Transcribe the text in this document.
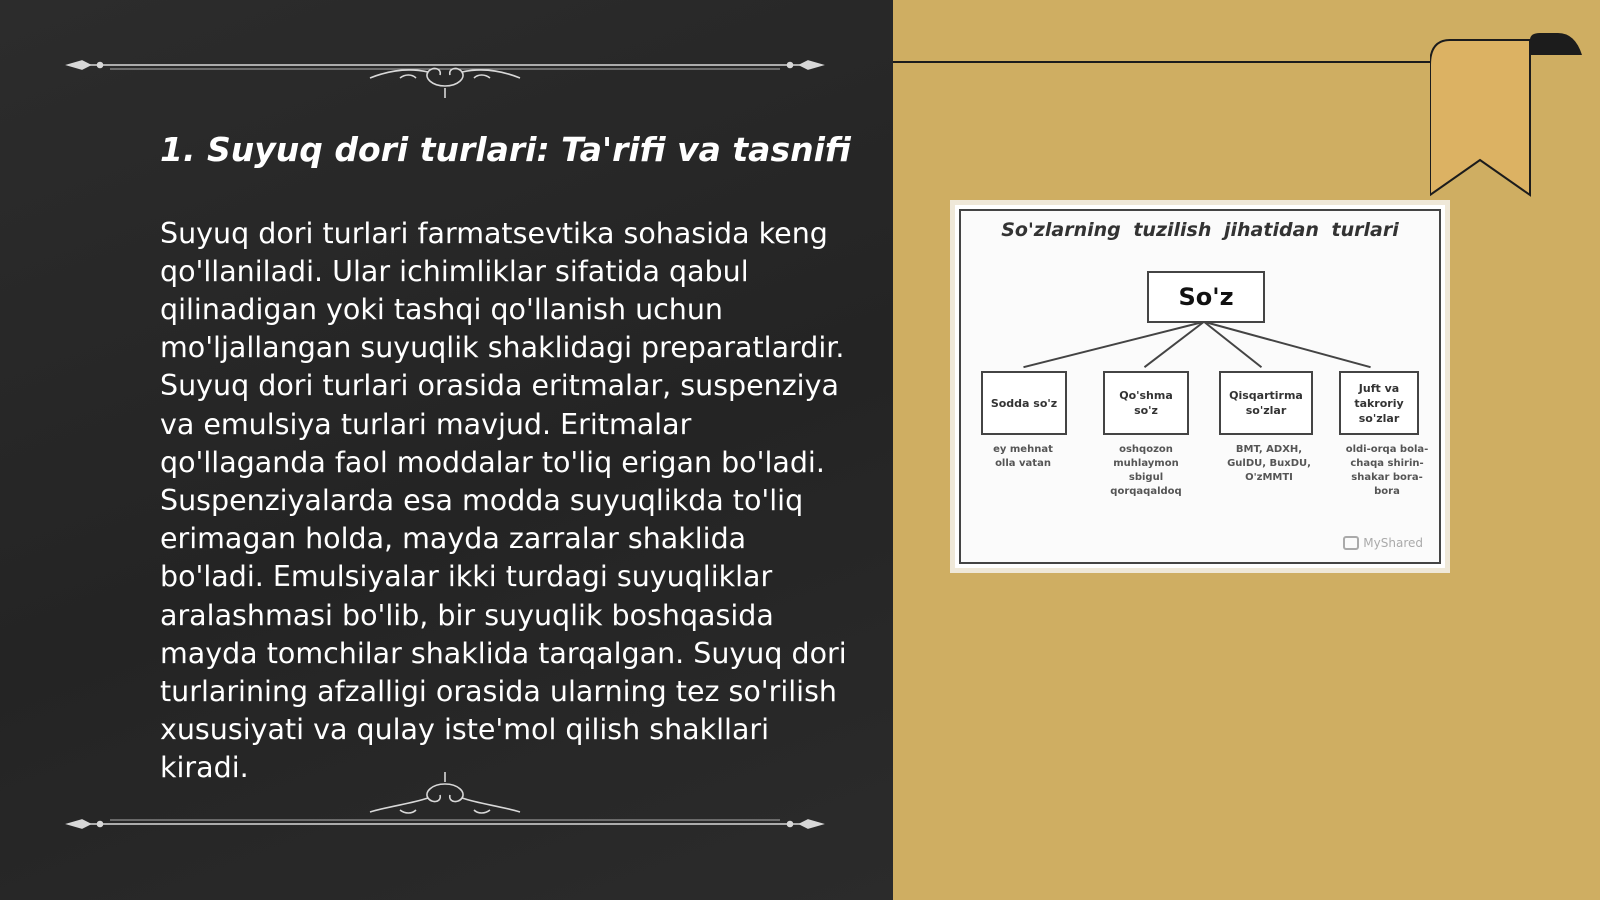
1. Suyuq dori turlari: Ta'rifi va tasnifi

Suyuq dori turlari farmatsevtika sohasida keng qo'llaniladi. Ular ichimliklar sifatida qabul qilinadigan yoki tashqi qo'llanish uchun mo'ljallangan suyuqlik shaklidagi preparatlardir. Suyuq dori turlari orasida eritmalar, suspenziya va emulsiya turlari mavjud. Eritmalar qo'llaganda faol moddalar to'liq erigan bo'ladi. Suspenziyalarda esa modda suyuqlikda to'liq erimagan holda, mayda zarralar shaklida bo'ladi. Emulsiyalar ikki turdagi suyuqliklar aralashmasi bo'lib, bir suyuqlik boshqasida mayda tomchilar shaklida tarqalgan. Suyuq dori turlarining afzalligi orasida ularning tez so'rilish xususiyati va qulay iste'mol qilish shakllari kiradi.

So'zlarning tuzilish jihatidan turlari
So'z
Sodda so'z
Qo'shma so'z
Qisqartirma so'zlar
Juft va takroriy so'zlar
ey mehnat olla vatan
oshqozon muhlaymon sbigul qorqaqaldoq
BMT, ADXH, GulDU, BuxDU, O'zMMTI
oldi-orqa bola-chaqa shirin-shakar bora-bora
MyShared
